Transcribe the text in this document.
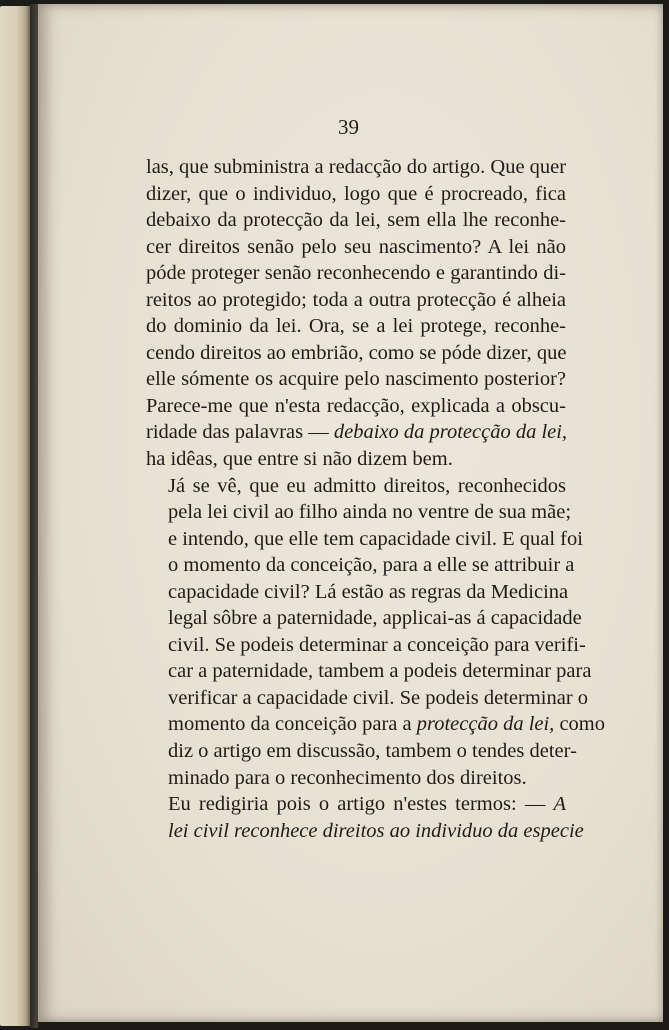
39

las, que subministra a redacção do artigo. Que quer
dizer, que o individuo, logo que é procreado, fica
debaixo da protecção da lei, sem ella lhe reconhe-
cer direitos senão pelo seu nascimento? A lei não
póde proteger senão reconhecendo e garantindo di-
reitos ao protegido; toda a outra protecção é alheia
do dominio da lei. Ora, se a lei protege, reconhe-
cendo direitos ao embrião, como se póde dizer, que
elle sómente os acquire pelo nascimento posterior?
Parece-me que n'esta redacção, explicada a obscu-
ridade das palavras — debaixo da protecção da lei,
ha idêas, que entre si não dizem bem.

Já se vê, que eu admitto direitos, reconhecidos
pela lei civil ao filho ainda no ventre de sua mãe;
e intendo, que elle tem capacidade civil. E qual foi
o momento da conceição, para a elle se attribuir a
capacidade civil? Lá estão as regras da Medicina
legal sôbre a paternidade, applicai-as á capacidade
civil. Se podeis determinar a conceição para verifi-
car a paternidade, tambem a podeis determinar para
verificar a capacidade civil. Se podeis determinar o
momento da conceição para a protecção da lei, como
diz o artigo em discussão, tambem o tendes deter-
minado para o reconhecimento dos direitos.

Eu redigiria pois o artigo n'estes termos: — A
lei civil reconhece direitos ao individuo da especie
